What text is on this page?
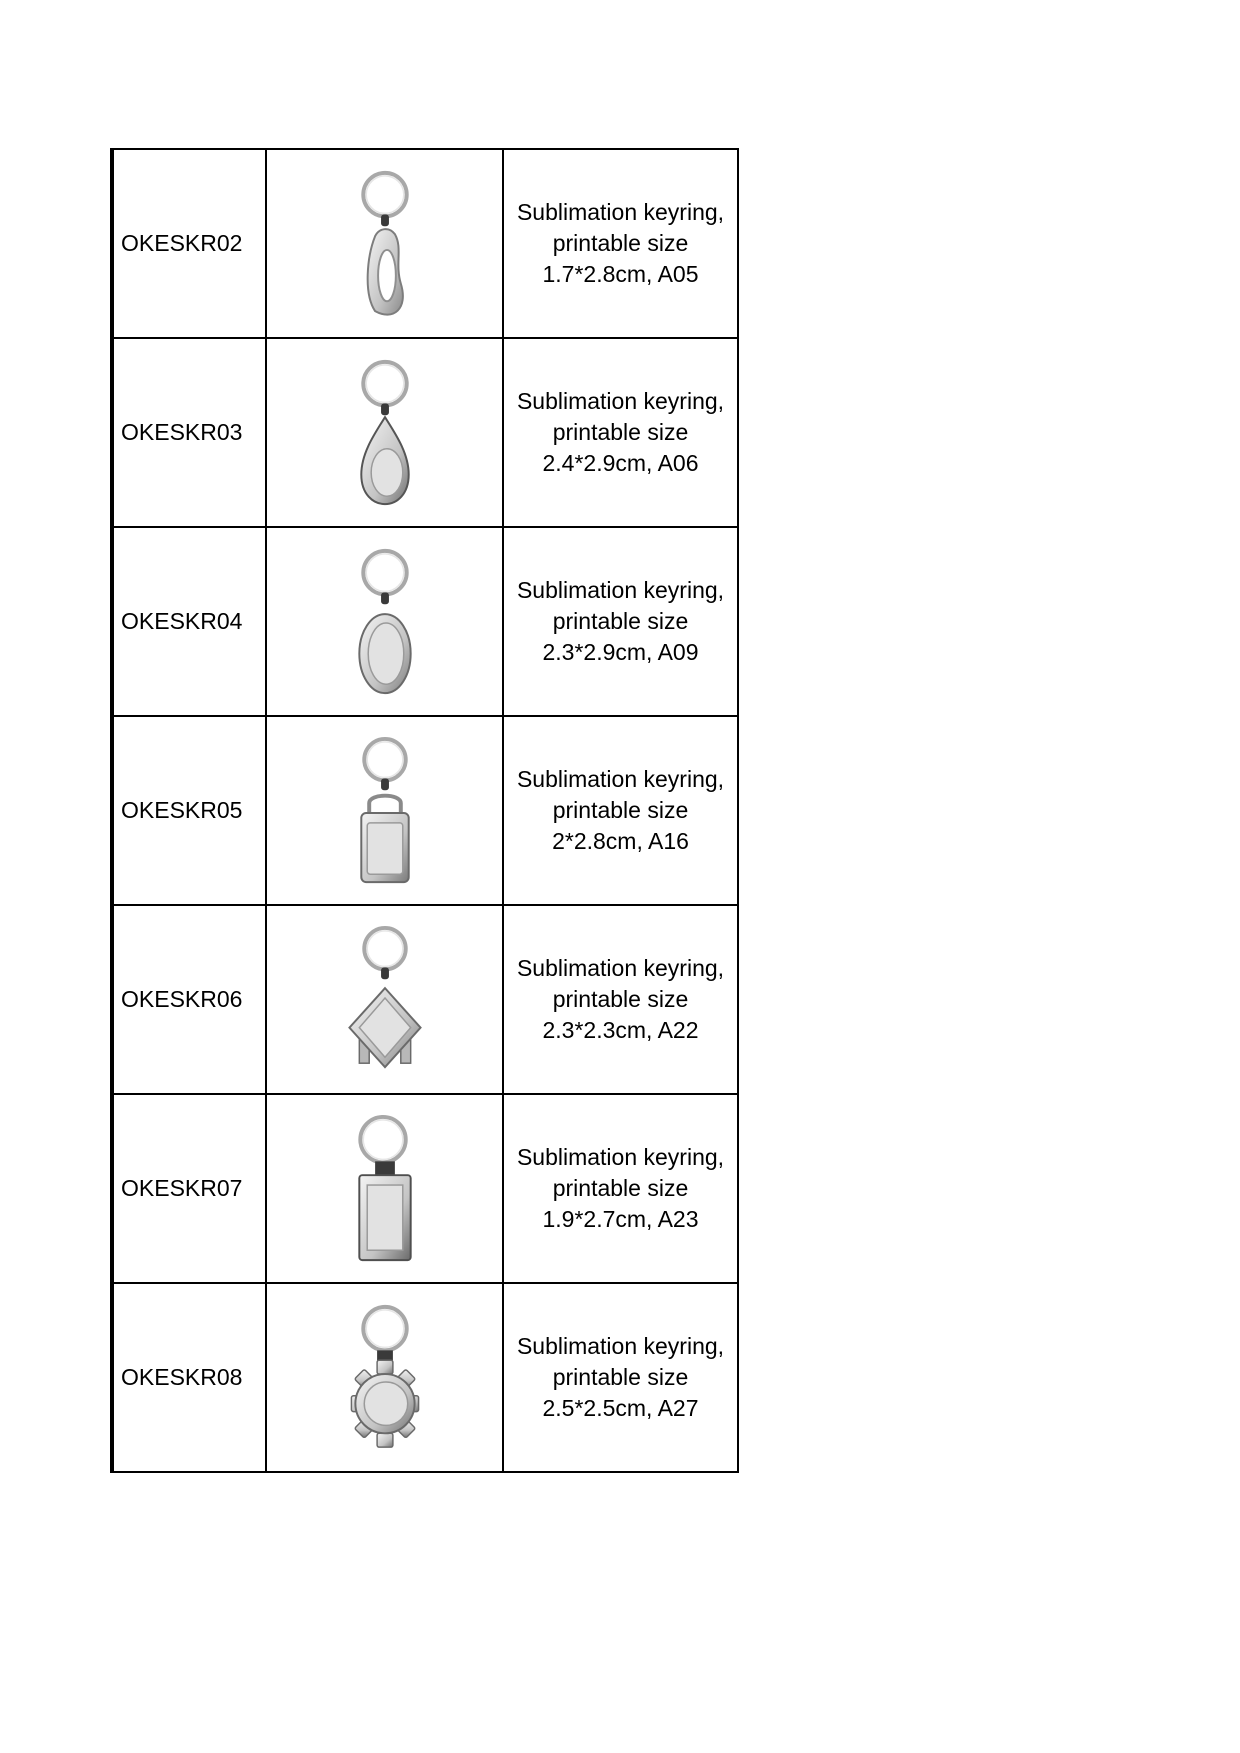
OKESKR02		Sublimation keyring,
printable size
1.7*2.8cm, A05

OKESKR03		Sublimation keyring,
printable size
2.4*2.9cm, A06

OKESKR04		Sublimation keyring,
printable size
2.3*2.9cm, A09

OKESKR05		Sublimation keyring,
printable size
2*2.8cm, A16

OKESKR06		Sublimation keyring,
printable size
2.3*2.3cm, A22

OKESKR07		Sublimation keyring,
printable size
1.9*2.7cm, A23

OKESKR08		Sublimation keyring,
printable size
2.5*2.5cm, A27
